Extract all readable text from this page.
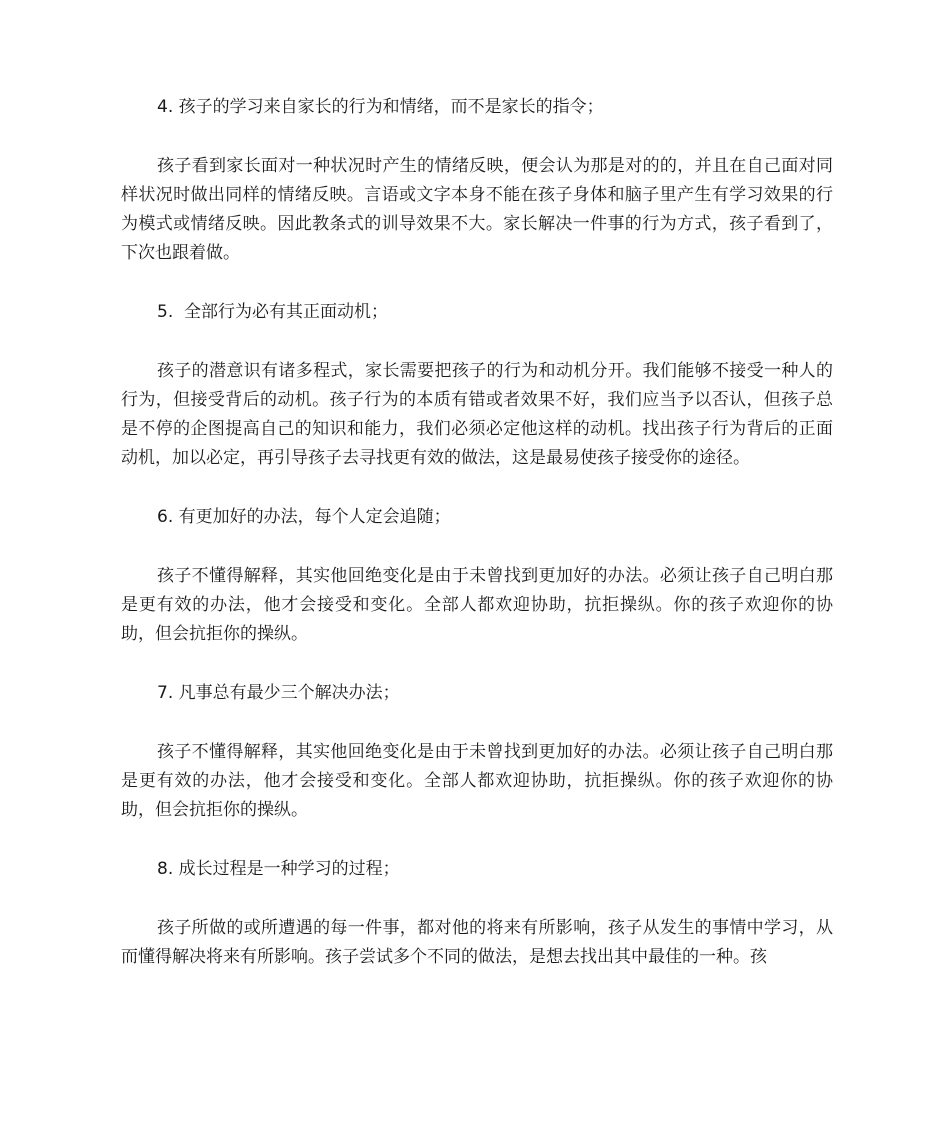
4. 孩子的学习来自家长的行为和情绪，而不是家长的指令；

孩子看到家长面对一种状况时产生的情绪反映，便会认为那是对的的，并且在自己面对同样状况时做出同样的情绪反映。言语或文字本身不能在孩子身体和脑子里产生有学习效果的行为模式或情绪反映。因此教条式的训导效果不大。家长解决一件事的行为方式，孩子看到了，下次也跟着做。

5.  全部行为必有其正面动机；

孩子的潜意识有诸多程式，家长需要把孩子的行为和动机分开。我们能够不接受一种人的行为，但接受背后的动机。孩子行为的本质有错或者效果不好，我们应当予以否认，但孩子总是不停的企图提高自己的知识和能力，我们必须必定他这样的动机。找出孩子行为背后的正面动机，加以必定，再引导孩子去寻找更有效的做法，这是最易使孩子接受你的途径。

6. 有更加好的办法，每个人定会追随；

孩子不懂得解释，其实他回绝变化是由于未曾找到更加好的办法。必须让孩子自己明白那是更有效的办法，他才会接受和变化。全部人都欢迎协助，抗拒操纵。你的孩子欢迎你的协助，但会抗拒你的操纵。

7. 凡事总有最少三个解决办法；

孩子不懂得解释，其实他回绝变化是由于未曾找到更加好的办法。必须让孩子自己明白那是更有效的办法，他才会接受和变化。全部人都欢迎协助，抗拒操纵。你的孩子欢迎你的协助，但会抗拒你的操纵。

8. 成长过程是一种学习的过程；

孩子所做的或所遭遇的每一件事，都对他的将来有所影响，孩子从发生的事情中学习，从而懂得解决将来有所影响。孩子尝试多个不同的做法，是想去找出其中最佳的一种。孩
